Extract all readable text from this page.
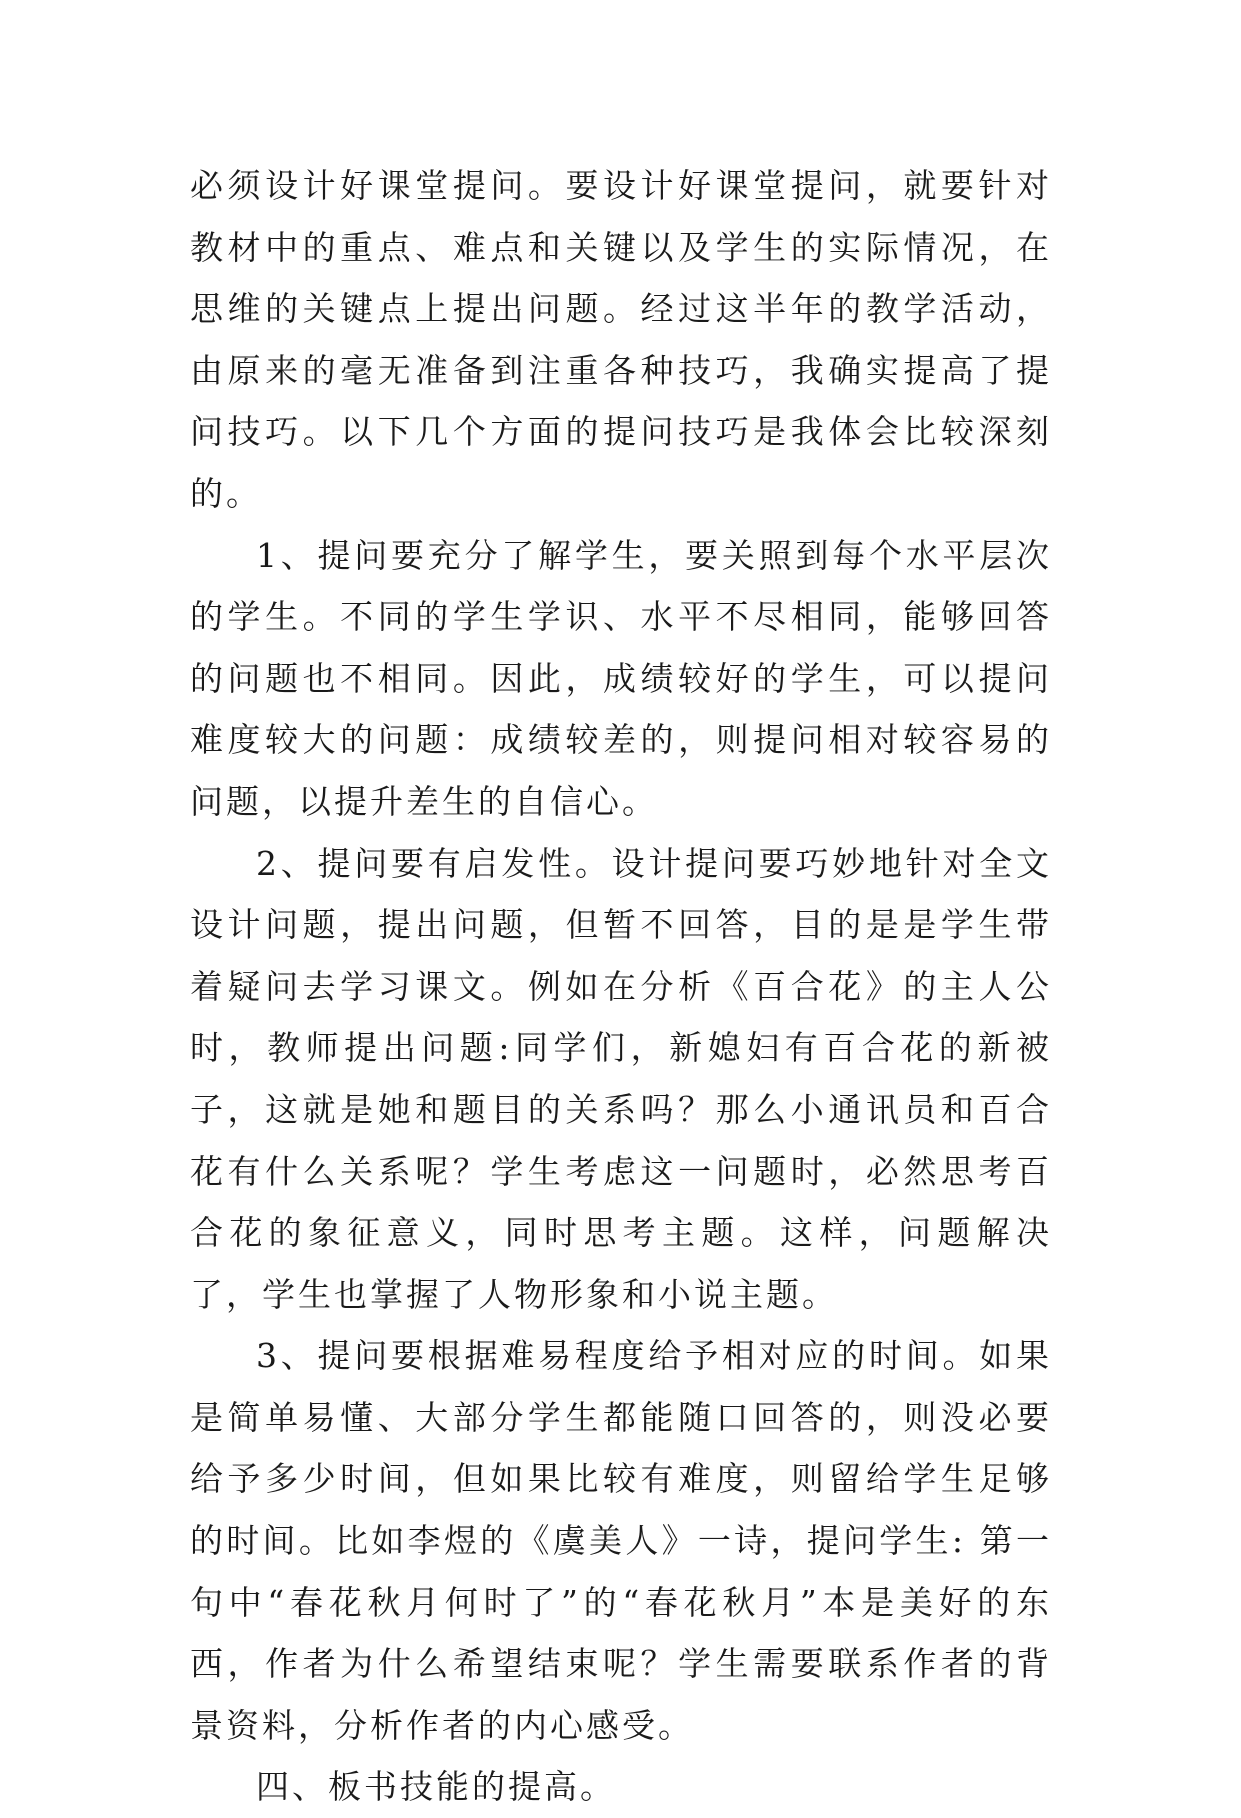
必须设计好课堂提问。要设计好课堂提问，就要针对教材中的重点、难点和关键以及学生的实际情况，在思维的关键点上提出问题。经过这半年的教学活动，由原来的毫无准备到注重各种技巧，我确实提高了提问技巧。以下几个方面的提问技巧是我体会比较深刻的。

1、提问要充分了解学生，要关照到每个水平层次的学生。不同的学生学识、水平不尽相同，能够回答的问题也不相同。因此，成绩较好的学生，可以提问难度较大的问题：成绩较差的，则提问相对较容易的问题，以提升差生的自信心。

2、提问要有启发性。设计提问要巧妙地针对全文设计问题，提出问题，但暂不回答，目的是是学生带着疑问去学习课文。例如在分析《百合花》的主人公时，教师提出问题:同学们，新媳妇有百合花的新被子，这就是她和题目的关系吗？那么小通讯员和百合花有什么关系呢？学生考虑这一问题时，必然思考百合花的象征意义，同时思考主题。这样，问题解决了，学生也掌握了人物形象和小说主题。

3、提问要根据难易程度给予相对应的时间。如果是简单易懂、大部分学生都能随口回答的，则没必要给予多少时间，但如果比较有难度，则留给学生足够的时间。比如李煜的《虞美人》一诗，提问学生: 第一句中“春花秋月何时了”的“春花秋月”本是美好的东西，作者为什么希望结束呢？学生需要联系作者的背景资料，分析作者的内心感受。

四、板书技能的提高。
